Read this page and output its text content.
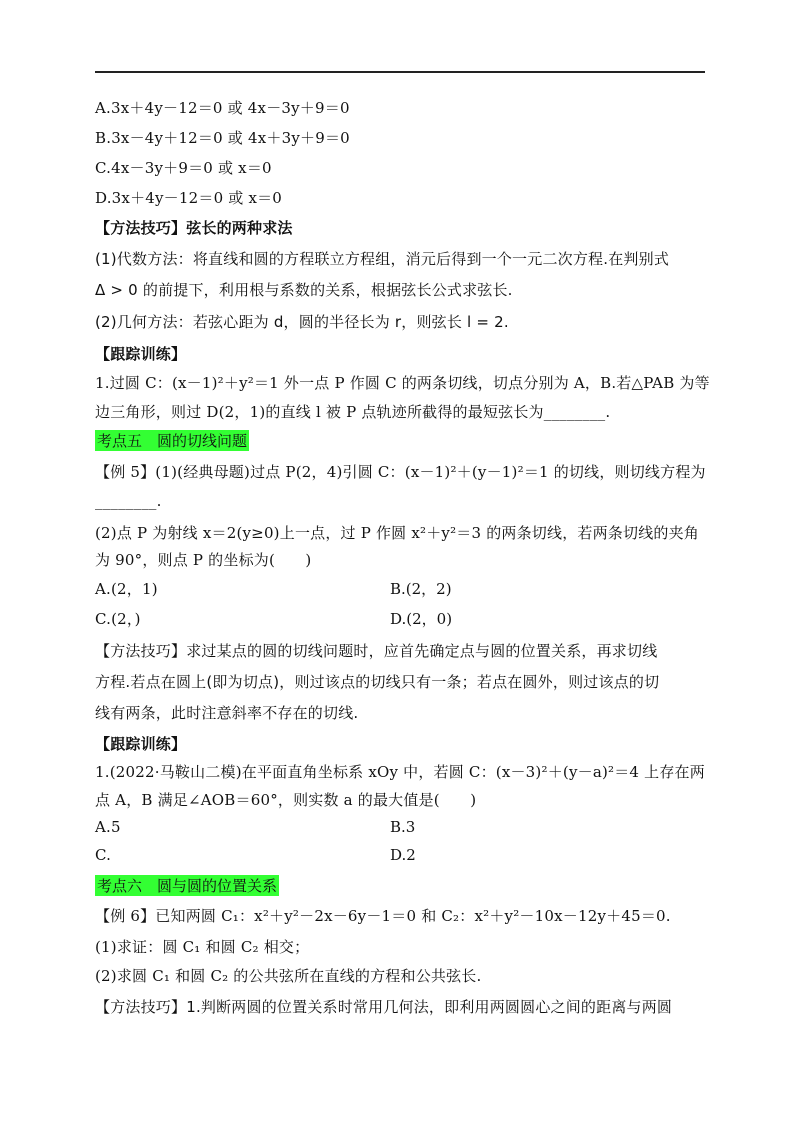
A.3x＋4y－12＝0 或 4x－3y＋9＝0
B.3x－4y＋12＝0 或 4x＋3y＋9＝0
C.4x－3y＋9＝0 或 x＝0
D.3x＋4y－12＝0 或 x＝0
【方法技巧】弦长的两种求法
(1)代数方法：将直线和圆的方程联立方程组，消元后得到一个一元二次方程.在判别式
Δ > 0 的前提下，利用根与系数的关系，根据弦长公式求弦长.
(2)几何方法：若弦心距为 d，圆的半径长为 r，则弦长 l = 2.
【跟踪训练】
1.过圆 C：(x－1)²＋y²＝1 外一点 P 作圆 C 的两条切线，切点分别为 A，B.若△PAB 为等
边三角形，则过 D(2，1)的直线 l 被 P 点轨迹所截得的最短弦长为________.
考点五　圆的切线问题
【例 5】(1)(经典母题)过点 P(2，4)引圆 C：(x－1)²＋(y－1)²＝1 的切线，则切线方程为
________.
(2)点 P 为射线 x＝2(y≥0)上一点，过 P 作圆 x²＋y²＝3 的两条切线，若两条切线的夹角
为 90°，则点 P 的坐标为(　　)
A.(2，1)	B.(2，2)
C.(2，)	D.(2，0)
【方法技巧】求过某点的圆的切线问题时，应首先确定点与圆的位置关系，再求切线
方程.若点在圆上(即为切点)，则过该点的切线只有一条；若点在圆外，则过该点的切
线有两条，此时注意斜率不存在的切线.
【跟踪训练】
1.(2022·马鞍山二模)在平面直角坐标系 xOy 中，若圆 C：(x－3)²＋(y－a)²＝4 上存在两
点 A，B 满足∠AOB＝60°，则实数 a 的最大值是(　　)
A.5	B.3
C.	D.2
考点六　圆与圆的位置关系
【例 6】已知两圆 C₁：x²＋y²－2x－6y－1＝0 和 C₂：x²＋y²－10x－12y＋45＝0.
(1)求证：圆 C₁ 和圆 C₂ 相交；
(2)求圆 C₁ 和圆 C₂ 的公共弦所在直线的方程和公共弦长.
【方法技巧】1.判断两圆的位置关系时常用几何法，即利用两圆圆心之间的距离与两圆
